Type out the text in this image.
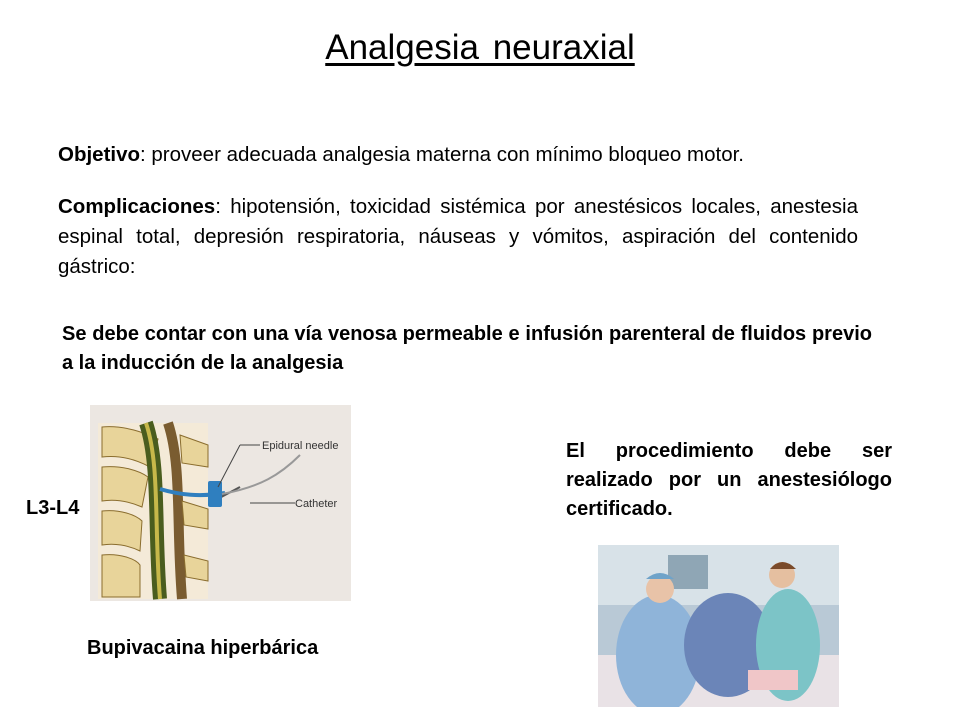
Analgesia neuraxial
Objetivo: proveer adecuada analgesia materna con mínimo bloqueo motor.
Complicaciones: hipotensión, toxicidad sistémica por anestésicos locales, anestesia espinal total, depresión respiratoria, náuseas y vómitos, aspiración del contenido gástrico:
Se debe contar con una vía venosa permeable e infusión parenteral de fluidos previo a la inducción de la analgesia
Epidural needle
Catheter
L3-L4
El procedimiento debe ser realizado por un anestesiólogo certificado.
Bupivacaina hiperbárica
